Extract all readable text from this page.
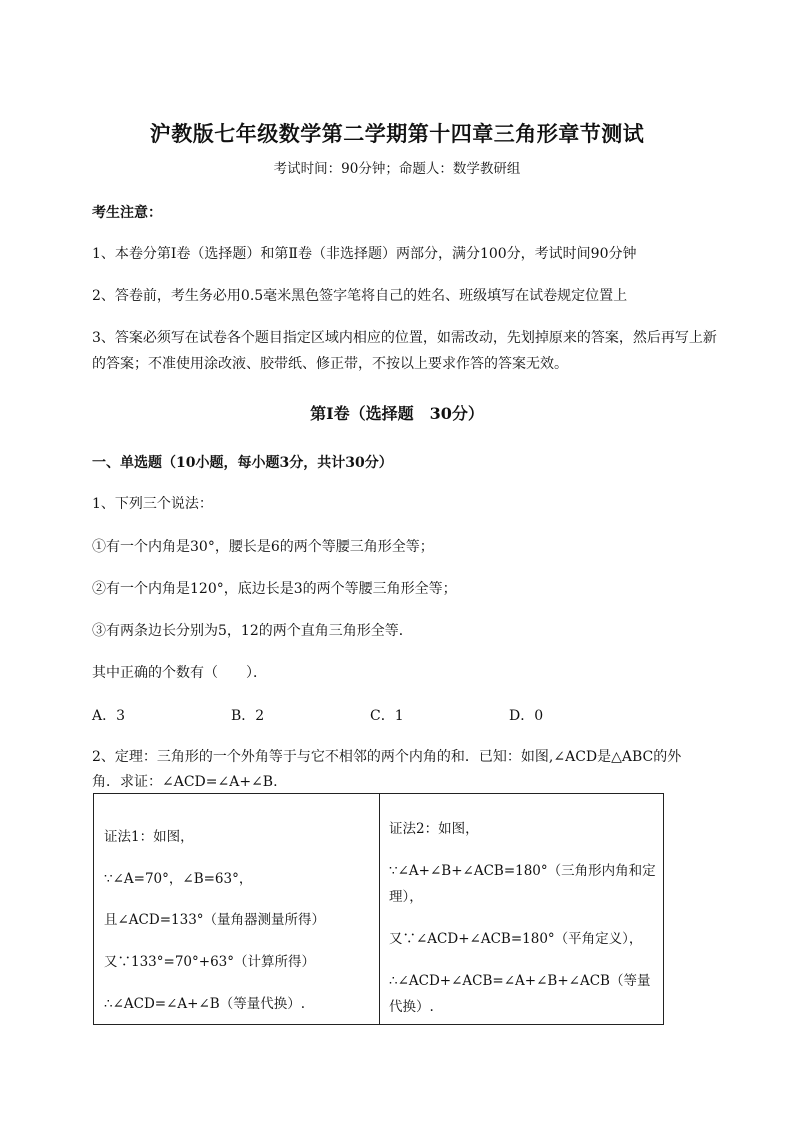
沪教版七年级数学第二学期第十四章三角形章节测试
考试时间：90分钟；命题人：数学教研组
考生注意：
1、本卷分第Ⅰ卷（选择题）和第Ⅱ卷（非选择题）两部分，满分100分，考试时间90分钟
2、答卷前，考生务必用0.5毫米黑色签字笔将自己的姓名、班级填写在试卷规定位置上
3、答案必须写在试卷各个题目指定区域内相应的位置，如需改动，先划掉原来的答案，然后再写上新
的答案；不准使用涂改液、胶带纸、修正带，不按以上要求作答的答案无效。
第Ⅰ卷（选择题　30分）
一、单选题（10小题，每小题3分，共计30分）
1、下列三个说法：
①有一个内角是30°，腰长是6的两个等腰三角形全等；
②有一个内角是120°，底边长是3的两个等腰三角形全等；
③有两条边长分别为5，12的两个直角三角形全等．
其中正确的个数有（　　）．
A．3	B．2	C．1	D．0
2、定理：三角形的一个外角等于与它不相邻的两个内角的和．已知：如图,∠ACD是△ABC的外
角．求证：∠ACD=∠A+∠B.
证法1：如图，
∵∠A=70°，∠B=63°，
且∠ACD=133°（量角器测量所得）
又∵133°=70°+63°（计算所得）
∴∠ACD=∠A+∠B（等量代换）.

证法2：如图，
∵∠A+∠B+∠ACB=180°（三角形内角和定理），
又∵∠ACD+∠ACB=180°（平角定义），
∴∠ACD+∠ACB=∠A+∠B+∠ACB（等量代换）.
